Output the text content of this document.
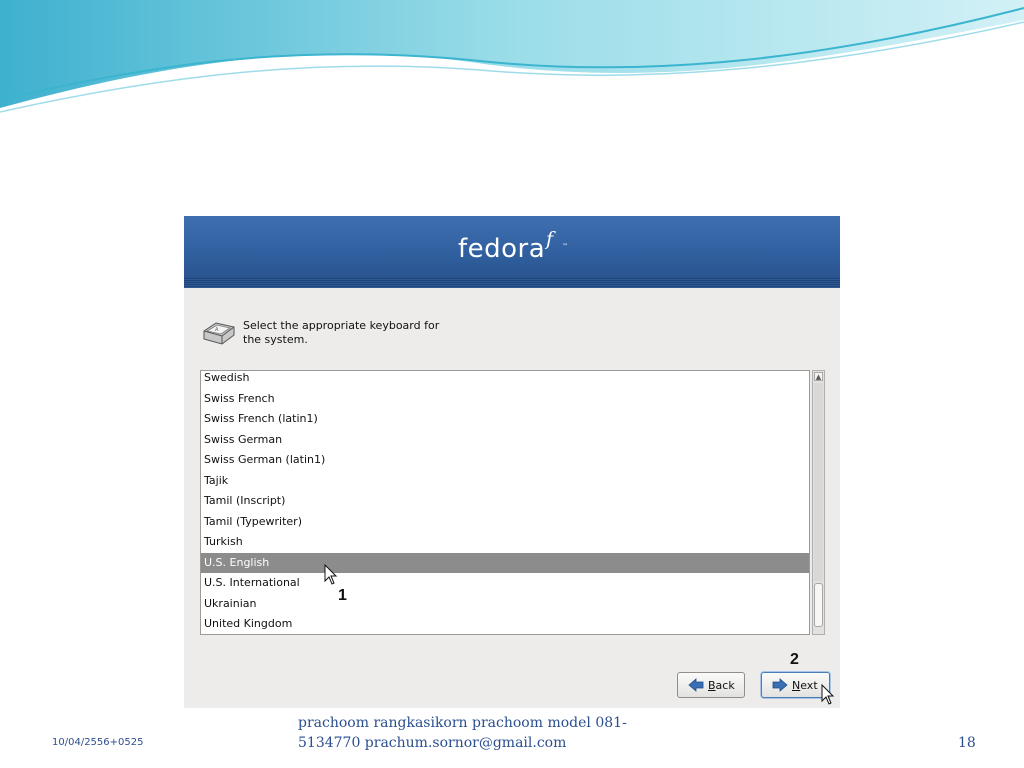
fedora f ™
A Select the appropriate keyboard for the system.
Swedish
Swiss French
Swiss French (latin1)
Swiss German
Swiss German (latin1)
Tajik
Tamil (Inscript)
Tamil (Typewriter)
Turkish
U.S. English
U.S. International
Ukrainian
United Kingdom
▲
1
2
B ack	N ext
10/04/2556+0525
prachoom rangkasikorn prachoom model 081-5134770 prachum.sornor@gmail.com	18
